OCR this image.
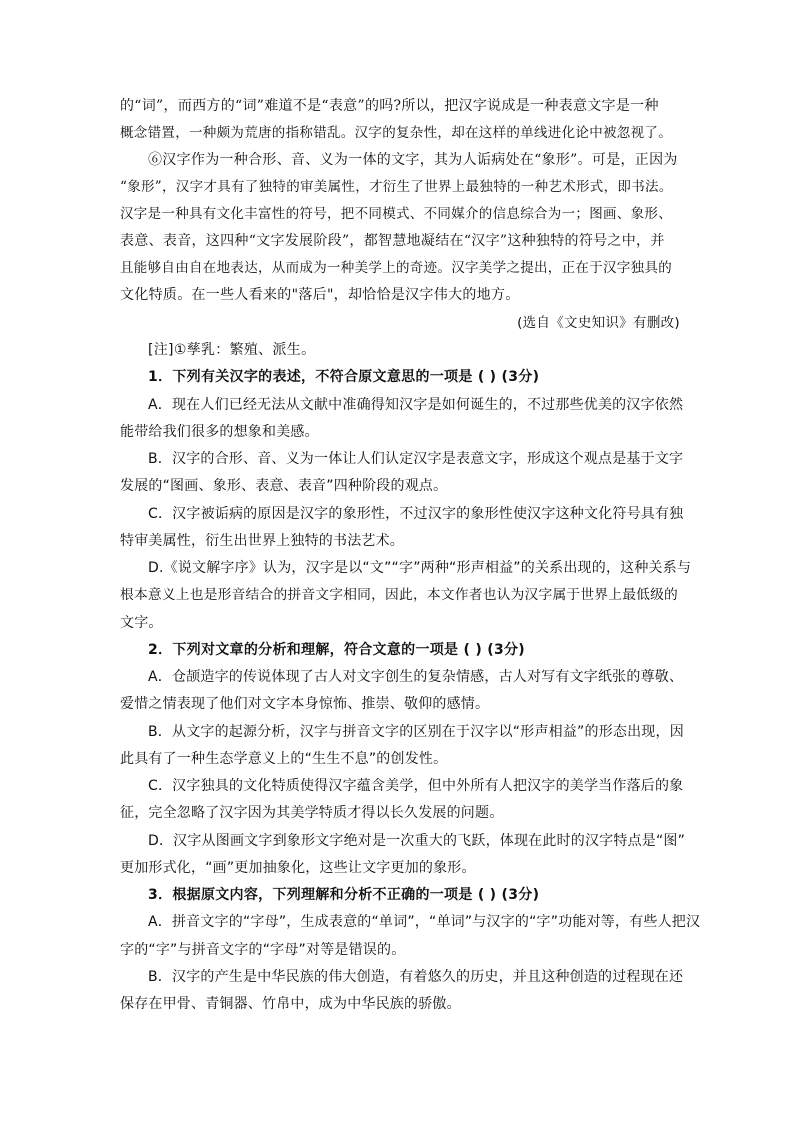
的“词”，而西方的“词”难道不是“表意”的吗?所以，把汉字说成是一种表意文字是一种
概念错置，一种颇为荒唐的指称错乱。汉字的复杂性，却在这样的单线进化论中被忽视了。
⑥汉字作为一种合形、音、义为一体的文字，其为人诟病处在“象形”。可是，正因为
“象形”，汉字才具有了独特的审美属性，才衍生了世界上最独特的一种艺术形式，即书法。
汉字是一种具有文化丰富性的符号，把不同模式、不同媒介的信息综合为一；图画、象形、
表意、表音，这四种“文字发展阶段”，都智慧地凝结在“汉字”这种独特的符号之中，并
且能够自由自在地表达，从而成为一种美学上的奇迹。汉字美学之提出，正在于汉字独具的
文化特质。在一些人看来的"落后"，却恰恰是汉字伟大的地方。
(选自《文史知识》有删改)
[注]①孳乳：繁殖、派生。
1．下列有关汉字的表述，不符合原文意思的一项是 ( ) (3分)
A．现在人们已经无法从文献中准确得知汉字是如何诞生的，不过那些优美的汉字依然
能带给我们很多的想象和美感。
B．汉字的合形、音、义为一体让人们认定汉字是表意文字，形成这个观点是基于文字
发展的“图画、象形、表意、表音”四种阶段的观点。
C．汉字被诟病的原因是汉字的象形性，不过汉字的象形性使汉字这种文化符号具有独
特审美属性，衍生出世界上独特的书法艺术。
D.《说文解字序》认为，汉字是以“文”“字”两种“形声相益”的关系出现的，这种关系与
根本意义上也是形音结合的拼音文字相同，因此，本文作者也认为汉字属于世界上最低级的
文字。
2．下列对文章的分析和理解，符合文意的一项是 ( ) (3分)
A．仓颉造字的传说体现了古人对文字创生的复杂情感，古人对写有文字纸张的尊敬、
爱惜之情表现了他们对文字本身惊怖、推崇、敬仰的感情。
B．从文字的起源分析，汉字与拼音文字的区别在于汉字以“形声相益”的形态出现，因
此具有了一种生态学意义上的“生生不息”的创发性。
C．汉字独具的文化特质使得汉字蕴含美学，但中外所有人把汉字的美学当作落后的象
征，完全忽略了汉字因为其美学特质才得以长久发展的问题。
D．汉字从图画文字到象形文字绝对是一次重大的飞跃，体现在此时的汉字特点是“图”
更加形式化，“画”更加抽象化，这些让文字更加的象形。
3．根据原文内容，下列理解和分析不正确的一项是 ( ) (3分)
A．拼音文字的“字母”，生成表意的“单词”，“单词”与汉字的“字”功能对等，有些人把汉
字的“字”与拼音文字的“字母”对等是错误的。
B．汉字的产生是中华民族的伟大创造，有着悠久的历史，并且这种创造的过程现在还
保存在甲骨、青铜器、竹帛中，成为中华民族的骄傲。
